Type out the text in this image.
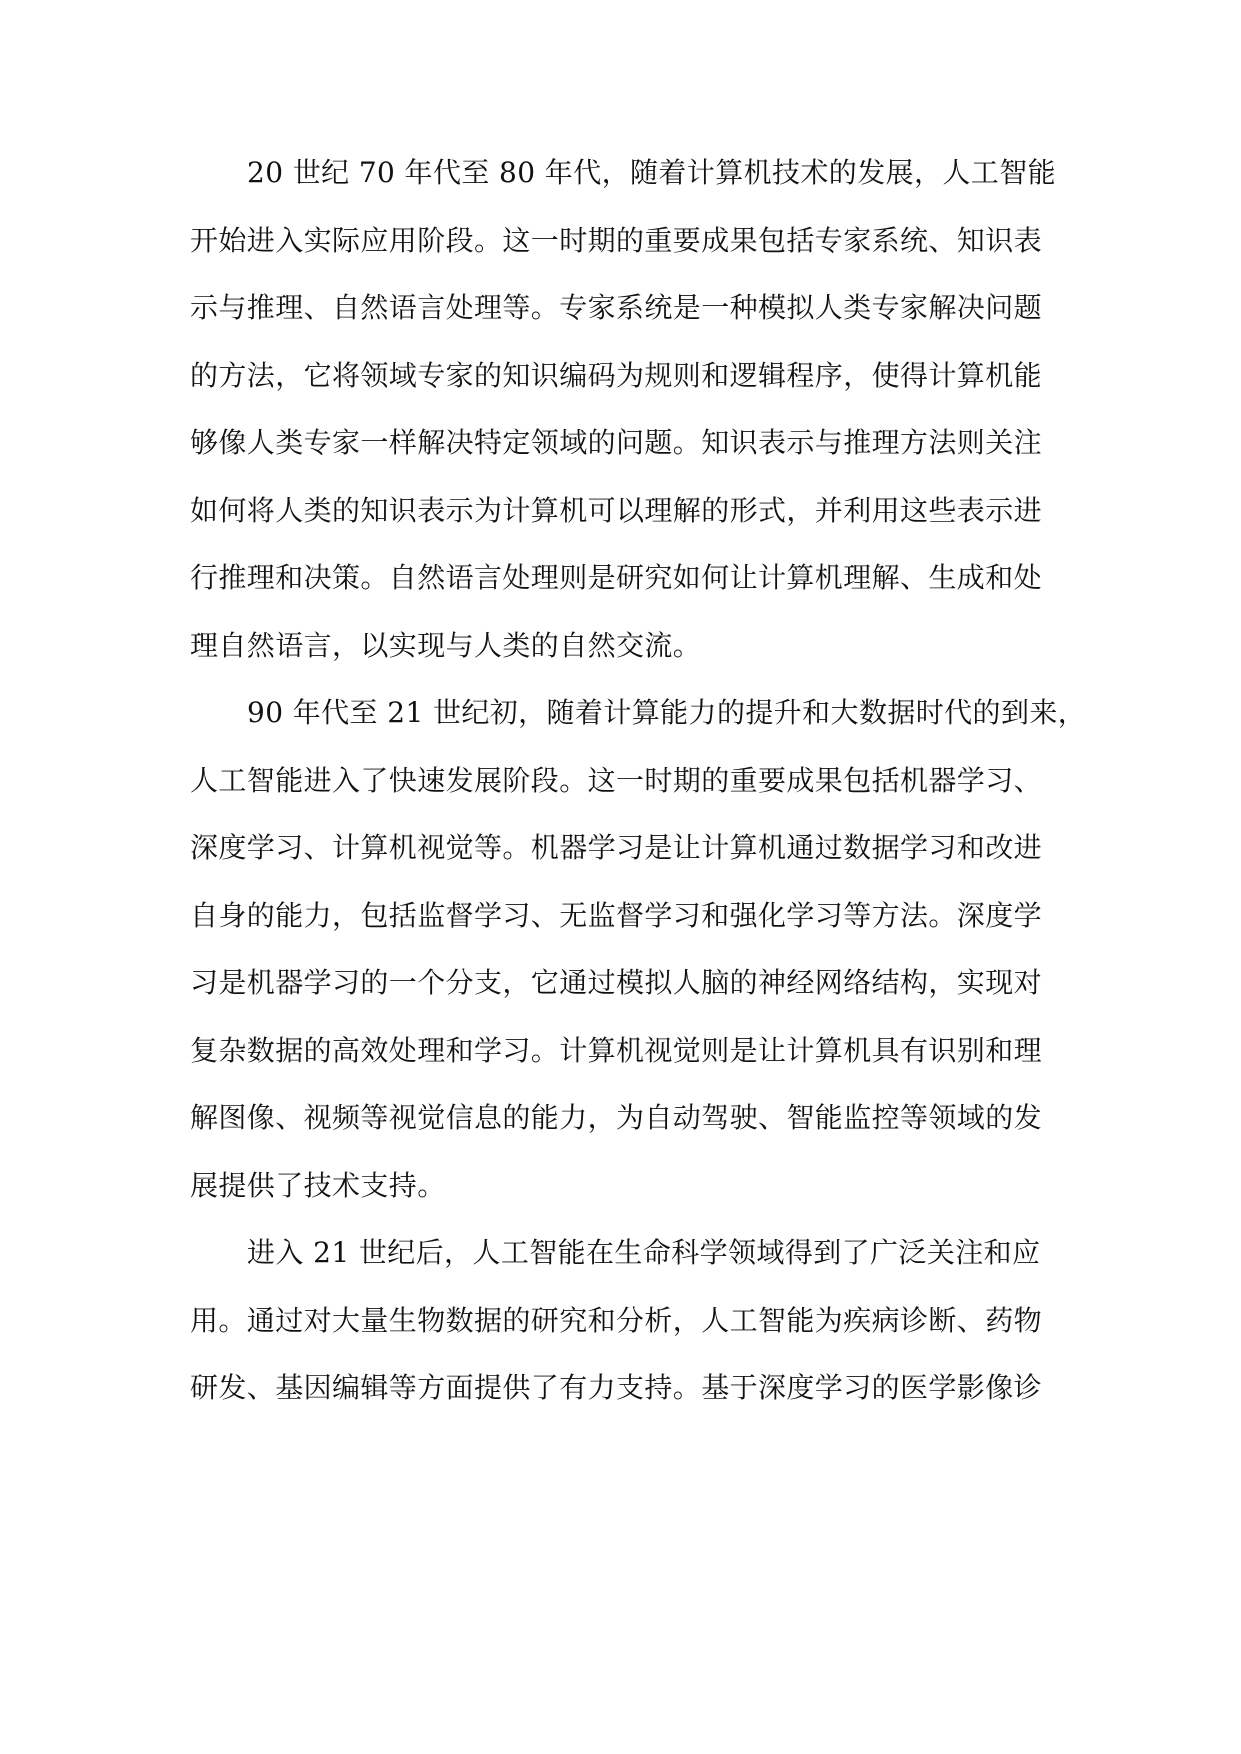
20 世纪 70 年代至 80 年代，随着计算机技术的发展，人工智能
开始进入实际应用阶段。这一时期的重要成果包括专家系统、知识表
示与推理、自然语言处理等。专家系统是一种模拟人类专家解决问题
的方法，它将领域专家的知识编码为规则和逻辑程序，使得计算机能
够像人类专家一样解决特定领域的问题。知识表示与推理方法则关注
如何将人类的知识表示为计算机可以理解的形式，并利用这些表示进
行推理和决策。自然语言处理则是研究如何让计算机理解、生成和处
理自然语言，以实现与人类的自然交流。
90 年代至 21 世纪初，随着计算能力的提升和大数据时代的到来，
人工智能进入了快速发展阶段。这一时期的重要成果包括机器学习、
深度学习、计算机视觉等。机器学习是让计算机通过数据学习和改进
自身的能力，包括监督学习、无监督学习和强化学习等方法。深度学
习是机器学习的一个分支，它通过模拟人脑的神经网络结构，实现对
复杂数据的高效处理和学习。计算机视觉则是让计算机具有识别和理
解图像、视频等视觉信息的能力，为自动驾驶、智能监控等领域的发
展提供了技术支持。
进入 21 世纪后，人工智能在生命科学领域得到了广泛关注和应
用。通过对大量生物数据的研究和分析，人工智能为疾病诊断、药物
研发、基因编辑等方面提供了有力支持。基于深度学习的医学影像诊
